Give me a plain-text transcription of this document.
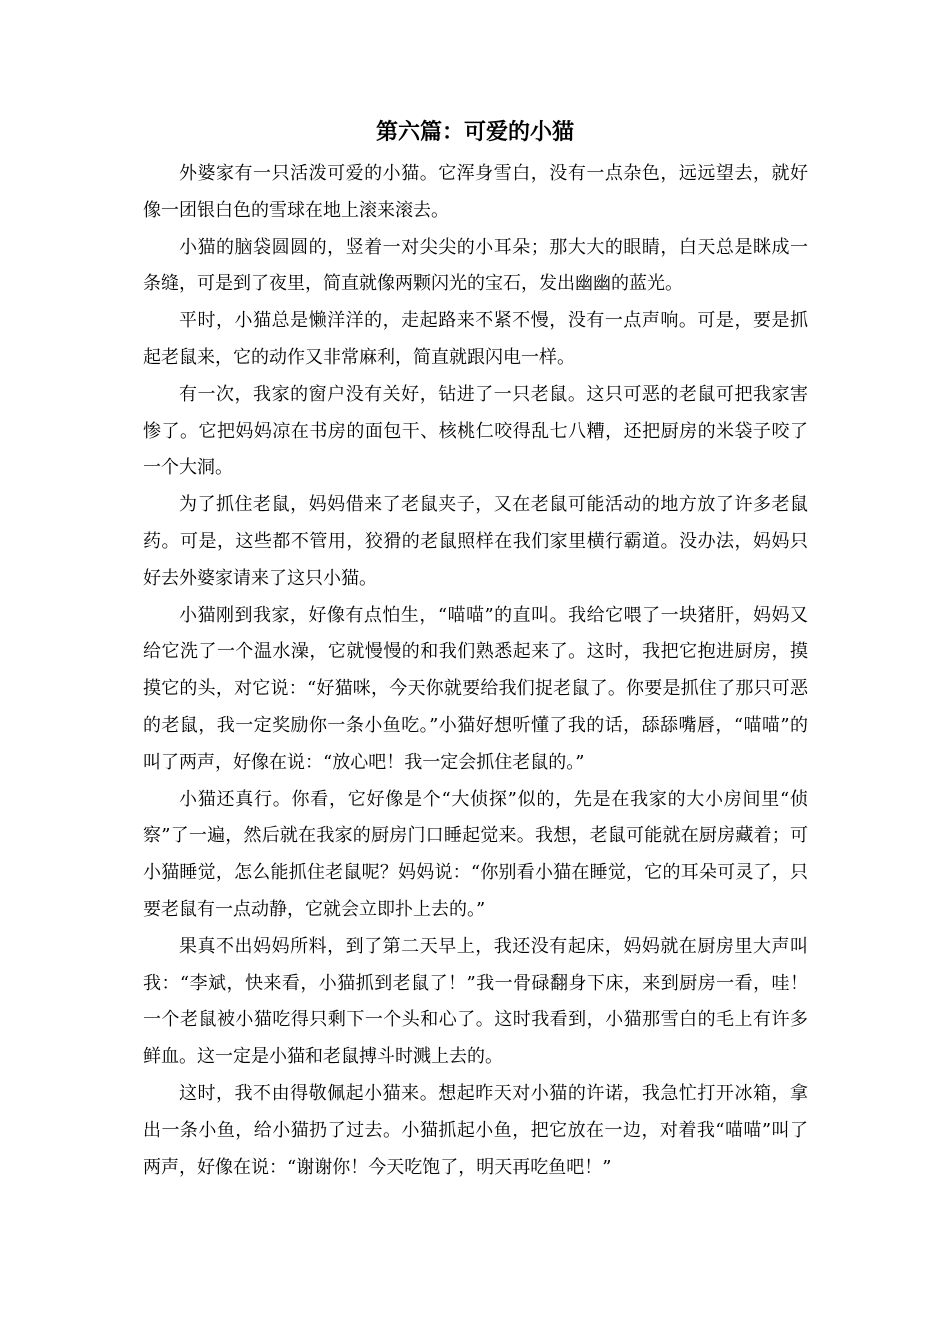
第六篇：可爱的小猫

外婆家有一只活泼可爱的小猫。它浑身雪白，没有一点杂色，远远望去，就好像一团银白色的雪球在地上滚来滚去。

小猫的脑袋圆圆的，竖着一对尖尖的小耳朵；那大大的眼睛，白天总是眯成一条缝，可是到了夜里，简直就像两颗闪光的宝石，发出幽幽的蓝光。

平时，小猫总是懒洋洋的，走起路来不紧不慢，没有一点声响。可是，要是抓起老鼠来，它的动作又非常麻利，简直就跟闪电一样。

有一次，我家的窗户没有关好，钻进了一只老鼠。这只可恶的老鼠可把我家害惨了。它把妈妈凉在书房的面包干、核桃仁咬得乱七八糟，还把厨房的米袋子咬了一个大洞。

为了抓住老鼠，妈妈借来了老鼠夹子，又在老鼠可能活动的地方放了许多老鼠药。可是，这些都不管用，狡猾的老鼠照样在我们家里横行霸道。没办法，妈妈只好去外婆家请来了这只小猫。

小猫刚到我家，好像有点怕生，“喵喵”的直叫。我给它喂了一块猪肝，妈妈又给它洗了一个温水澡，它就慢慢的和我们熟悉起来了。这时，我把它抱进厨房，摸摸它的头，对它说：“好猫咪，今天你就要给我们捉老鼠了。你要是抓住了那只可恶的老鼠，我一定奖励你一条小鱼吃。”小猫好想听懂了我的话，舔舔嘴唇，“喵喵”的叫了两声，好像在说：“放心吧！我一定会抓住老鼠的。”

小猫还真行。你看，它好像是个“大侦探”似的，先是在我家的大小房间里“侦察”了一遍，然后就在我家的厨房门口睡起觉来。我想，老鼠可能就在厨房藏着；可小猫睡觉，怎么能抓住老鼠呢？妈妈说：“你别看小猫在睡觉，它的耳朵可灵了，只要老鼠有一点动静，它就会立即扑上去的。”

果真不出妈妈所料，到了第二天早上，我还没有起床，妈妈就在厨房里大声叫我：“李斌，快来看，小猫抓到老鼠了！”我一骨碌翻身下床，来到厨房一看，哇！一个老鼠被小猫吃得只剩下一个头和心了。这时我看到，小猫那雪白的毛上有许多鲜血。这一定是小猫和老鼠搏斗时溅上去的。

这时，我不由得敬佩起小猫来。想起昨天对小猫的许诺，我急忙打开冰箱，拿出一条小鱼，给小猫扔了过去。小猫抓起小鱼，把它放在一边，对着我“喵喵”叫了两声，好像在说：“谢谢你！今天吃饱了，明天再吃鱼吧！”
